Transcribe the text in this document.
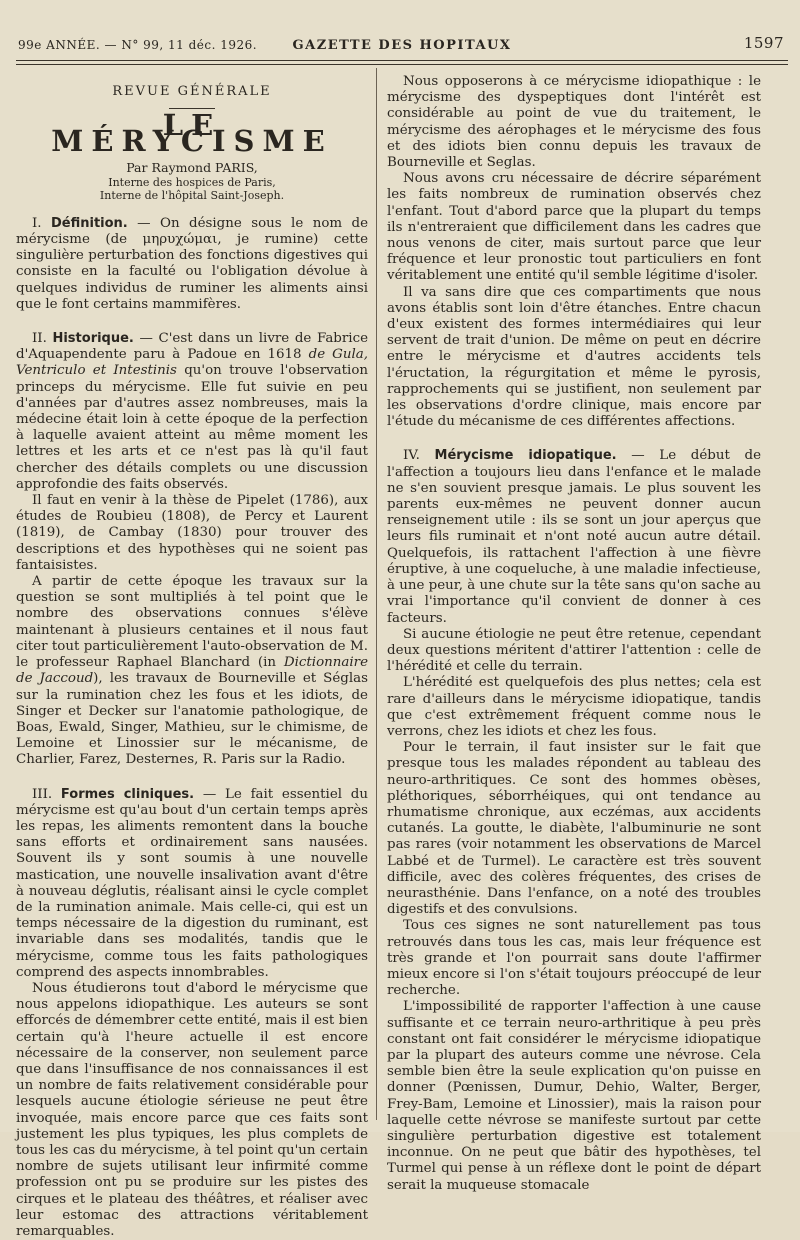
99e ANNÉE. — N° 99, 11 déc. 1926.	GAZETTE DES HOPITAUX	1597
REVUE GÉNÉRALE
LE MÉRYCISME
Par Raymond PARIS,
Interne des hospices de Paris,
Interne de l'hôpital Saint-Joseph.

I. Définition. — On désigne sous le nom de mérycisme (de μηρυχώμαι, je rumine) cette singulière perturbation des fonctions digestives qui consiste en la faculté ou l'obligation dévolue à quelques individus de ruminer les aliments ainsi que le font certains mammifères.

II. Historique. — C'est dans un livre de Fabrice d'Aquapendente paru à Padoue en 1618 de Gula, Ventriculo et Intestinis qu'on trouve l'observation princeps du mérycisme. Elle fut suivie en peu d'années par d'autres assez nombreuses, mais la médecine était loin à cette époque de la perfection à laquelle avaient atteint au même moment les lettres et les arts et ce n'est pas là qu'il faut chercher des détails complets ou une discussion approfondie des faits observés.

Il faut en venir à la thèse de Pipelet (1786), aux études de Roubieu (1808), de Percy et Laurent (1819), de Cambay (1830) pour trouver des descriptions et des hypothèses qui ne soient pas fantaisistes.

A partir de cette époque les travaux sur la question se sont multipliés à tel point que le nombre des observations connues s'élève maintenant à plusieurs centaines et il nous faut citer tout particulièrement l'auto-observation de M. le professeur Raphael Blanchard (in Dictionnaire de Jaccoud), les travaux de Bourneville et Séglas sur la rumination chez les fous et les idiots, de Singer et Decker sur l'anatomie pathologique, de Boas, Ewald, Singer, Mathieu, sur le chimisme, de Lemoine et Linossier sur le mécanisme, de Charlier, Farez, Desternes, R. Paris sur la Radio.

III. Formes cliniques. — Le fait essentiel du mérycisme est qu'au bout d'un certain temps après les repas, les aliments remontent dans la bouche sans efforts et ordinairement sans nausées. Souvent ils y sont soumis à une nouvelle mastication, une nouvelle insalivation avant d'être à nouveau déglutis, réalisant ainsi le cycle complet de la rumination animale. Mais celle-ci, qui est un temps nécessaire de la digestion du ruminant, est invariable dans ses modalités, tandis que le mérycisme, comme tous les faits pathologiques comprend des aspects innombrables.

Nous étudierons tout d'abord le mérycisme que nous appelons idiopathique. Les auteurs se sont efforcés de démembrer cette entité, mais il est bien certain qu'à l'heure actuelle il est encore nécessaire de la conserver, non seulement parce que dans l'insuffisance de nos connaissances il est un nombre de faits relativement considérable pour lesquels aucune étiologie sérieuse ne peut être invoquée, mais encore parce que ces faits sont justement les plus typiques, les plus complets de tous les cas du mérycisme, à tel point qu'un certain nombre de sujets utilisant leur infirmité comme profession ont pu se produire sur les pistes des cirques et le plateau des théâtres, et réaliser avec leur estomac des attractions véritablement remarquables.

Nous opposerons à ce mérycisme idiopathique : le mérycisme des dyspeptiques dont l'intérêt est considérable au point de vue du traitement, le mérycisme des aérophages et le mérycisme des fous et des idiots bien connu depuis les travaux de Bourneville et Seglas.

Nous avons cru nécessaire de décrire séparément les faits nombreux de rumination observés chez l'enfant. Tout d'abord parce que la plupart du temps ils n'entreraient que difficilement dans les cadres que nous venons de citer, mais surtout parce que leur fréquence et leur pronostic tout particuliers en font véritablement une entité qu'il semble légitime d'isoler.

Il va sans dire que ces compartiments que nous avons établis sont loin d'être étanches. Entre chacun d'eux existent des formes intermédiaires qui leur servent de trait d'union. De même on peut en décrire entre le mérycisme et d'autres accidents tels l'éructation, la régurgitation et même le pyrosis, rapprochements qui se justifient, non seulement par les observations d'ordre clinique, mais encore par l'étude du mécanisme de ces différentes affections.

IV. Mérycisme idiopatique. — Le début de l'affection a toujours lieu dans l'enfance et le malade ne s'en souvient presque jamais. Le plus souvent les parents eux-mêmes ne peuvent donner aucun renseignement utile : ils se sont un jour aperçus que leurs fils ruminait et n'ont noté aucun autre détail. Quelquefois, ils rattachent l'affection à une fièvre éruptive, à une coqueluche, à une maladie infectieuse, à une peur, à une chute sur la tête sans qu'on sache au vrai l'importance qu'il convient de donner à ces facteurs.

Si aucune étiologie ne peut être retenue, cependant deux questions méritent d'attirer l'attention : celle de l'hérédité et celle du terrain.

L'hérédité est quelquefois des plus nettes; cela est rare d'ailleurs dans le mérycisme idiopatique, tandis que c'est extrêmement fréquent comme nous le verrons, chez les idiots et chez les fous.

Pour le terrain, il faut insister sur le fait que presque tous les malades répondent au tableau des neuro-arthritiques. Ce sont des hommes obèses, pléthoriques, séborrhéiques, qui ont tendance au rhumatisme chronique, aux eczémas, aux accidents cutanés. La goutte, le diabète, l'albuminurie ne sont pas rares (voir notamment les observations de Marcel Labbé et de Turmel). Le caractère est très souvent difficile, avec des colères fréquentes, des crises de neurasthénie. Dans l'enfance, on a noté des troubles digestifs et des convulsions.

Tous ces signes ne sont naturellement pas tous retrouvés dans tous les cas, mais leur fréquence est très grande et l'on pourrait sans doute l'affirmer mieux encore si l'on s'était toujours préoccupé de leur recherche.

L'impossibilité de rapporter l'affection à une cause suffisante et ce terrain neuro-arthritique à peu près constant ont fait considérer le mérycisme idiopatique par la plupart des auteurs comme une névrose. Cela semble bien être la seule explication qu'on puisse en donner (Pœnissen, Dumur, Dehio, Walter, Berger, Frey-Bam, Lemoine et Linossier), mais la raison pour laquelle cette névrose se manifeste surtout par cette singulière perturbation digestive est totalement inconnue. On ne peut que bâtir des hypothèses, tel Turmel qui pense à un réflexe dont le point de départ serait la muqueuse stomacale
